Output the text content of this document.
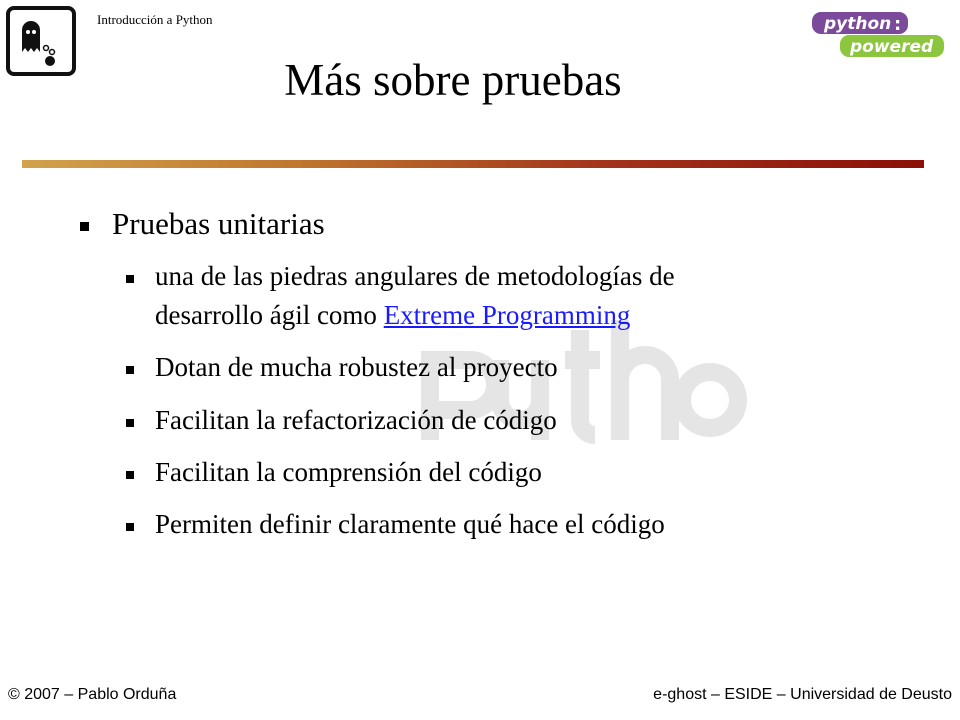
Introducción a Python	python :
powered
Más sobre pruebas
Pruebas unitarias
una de las piedras angulares de metodologías de
desarrollo ágil como Extreme Programming
Dotan de mucha robustez al proyecto
Facilitan la refactorización de código
Facilitan la comprensión del código
Permiten definir claramente qué hace el código
© 2007 – Pablo Orduña	e-ghost – ESIDE – Universidad de Deusto
